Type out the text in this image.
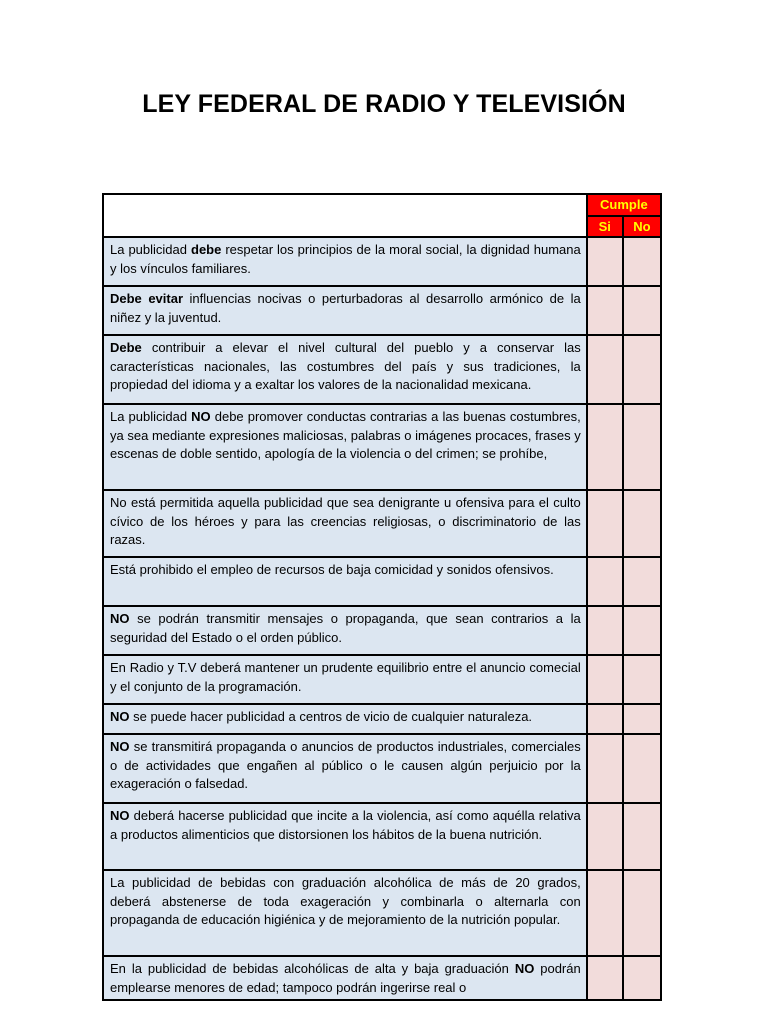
LEY FEDERAL DE RADIO Y TELEVISIÓN
	Cumple	
	Si	No
La publicidad debe respetar los principios de la moral social, la dignidad humana y los vínculos familiares.		
Debe evitar influencias nocivas o perturbadoras al desarrollo armónico de la niñez y la juventud.		
Debe contribuir a elevar el nivel cultural del pueblo y a conservar las características nacionales, las costumbres del país y sus tradiciones, la propiedad del idioma y a exaltar los valores de la nacionalidad mexicana.		
La publicidad NO debe promover conductas contrarias a las buenas costumbres, ya sea mediante expresiones maliciosas, palabras o imágenes procaces, frases y escenas de doble sentido, apología de la violencia o del crimen; se prohíbe,		
No está permitida aquella publicidad que sea denigrante u ofensiva para el culto cívico de los héroes y para las creencias religiosas, o discriminatorio de las razas.		
Está prohibido el empleo de recursos de baja comicidad y sonidos ofensivos.		
NO se podrán transmitir mensajes o propaganda, que sean contrarios a la seguridad del Estado o el orden público.		
En Radio y T.V deberá mantener un prudente equilibrio entre el anuncio comecial y el conjunto de la programación.		
NO se puede hacer publicidad a centros de vicio de cualquier naturaleza.		
NO se transmitirá propaganda o anuncios de productos industriales, comerciales o de actividades que engañen al público o le causen algún perjuicio por la exageración o falsedad.		
NO deberá hacerse publicidad que incite a la violencia, así como aquélla relativa a productos alimenticios que distorsionen los hábitos de la buena nutrición.		
La publicidad de bebidas con graduación alcohólica de más de 20 grados, deberá abstenerse de toda exageración y combinarla o alternarla con propaganda de educación higiénica y de mejoramiento de la nutrición popular.		
En la publicidad de bebidas alcohólicas de alta y baja graduación NO podrán emplearse menores de edad; tampoco podrán ingerirse real o		
